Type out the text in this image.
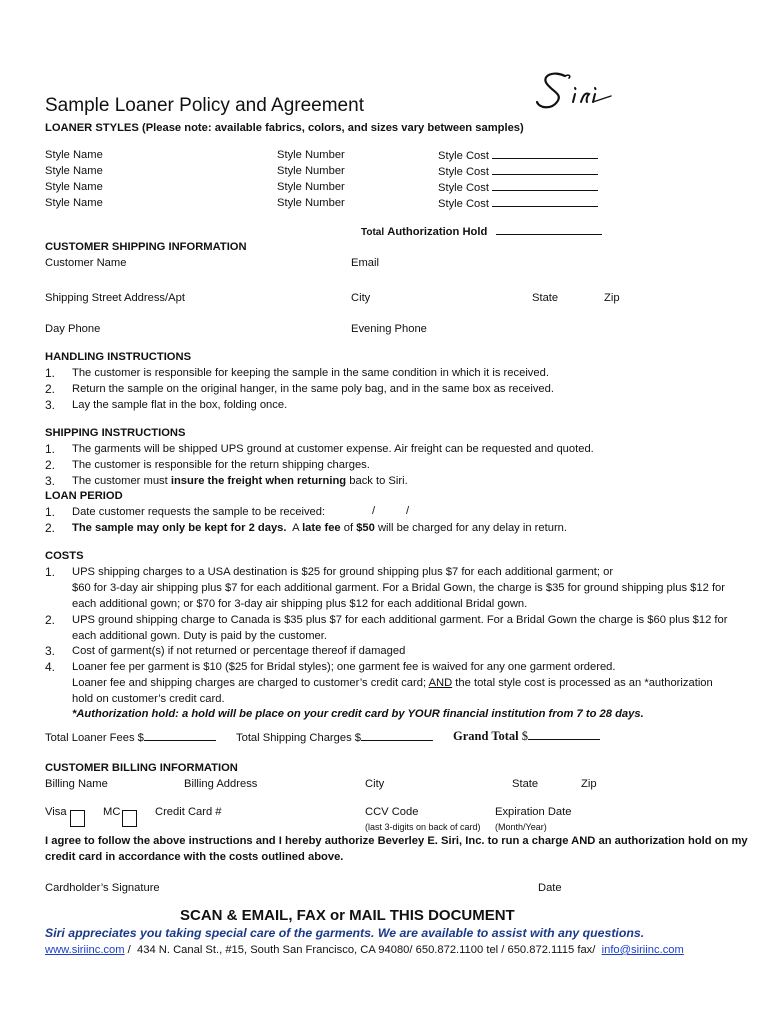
Sample Loaner Policy and Agreement
LOANER STYLES (Please note: available fabrics, colors, and sizes vary between samples)
Style Name	Style Number	Style Cost
Style Name	Style Number	Style Cost
Style Name	Style Number	Style Cost
Style Name	Style Number	Style Cost
Total Authorization Hold
CUSTOMER SHIPPING INFORMATION
Customer Name	Email
Shipping Street Address/Apt	City	State	Zip
Day Phone	Evening Phone
HANDLING INSTRUCTIONS
1. The customer is responsible for keeping the sample in the same condition in which it is received.
2. Return the sample on the original hanger, in the same poly bag, and in the same box as received.
3. Lay the sample flat in the box, folding once.
SHIPPING INSTRUCTIONS
1. The garments will be shipped UPS ground at customer expense. Air freight can be requested and quoted.
2. The customer is responsible for the return shipping charges.
3. The customer must insure the freight when returning back to Siri.
LOAN PERIOD
1. Date customer requests the sample to be received:	/	/
2. The sample may only be kept for 2 days.  A late fee of $50 will be charged for any delay in return.
COSTS
1. UPS shipping charges to a USA destination is $25 for ground shipping plus $7 for each additional garment; or
$60 for 3-day air shipping plus $7 for each additional garment. For a Bridal Gown, the charge is $35 for ground shipping plus $12 for
each additional gown; or $70 for 3-day air shipping plus $12 for each additional Bridal gown.
2. UPS ground shipping charge to Canada is $35 plus $7 for each additional garment. For a Bridal Gown the charge is $60 plus $12 for
each additional gown. Duty is paid by the customer.
3. Cost of garment(s) if not returned or percentage thereof if damaged
4. Loaner fee per garment is $10 ($25 for Bridal styles); one garment fee is waived for any one garment ordered.
Loaner fee and shipping charges are charged to customer’s credit card; AND the total style cost is processed as an *authorization
hold on customer’s credit card.
*Authorization hold: a hold will be place on your credit card by YOUR financial institution from 7 to 28 days.
Total Loaner Fees $	Total Shipping Charges $	Grand Total $
CUSTOMER BILLING INFORMATION
Billing Name	Billing Address	City	State	Zip
Visa	MC	Credit Card #	CCV Code
(last 3-digits on back of card)
Expiration Date
(Month/Year)
I agree to follow the above instructions and I hereby authorize Beverley E. Siri, Inc. to run a charge AND an authorization hold on my
credit card in accordance with the costs outlined above.
Cardholder’s Signature	Date
SCAN & EMAIL, FAX or MAIL THIS DOCUMENT
Siri appreciates you taking special care of the garments. We are available to assist with any questions.
www.siriinc.com /  434 N. Canal St., #15, South San Francisco, CA 94080/ 650.872.1100 tel / 650.872.1115 fax/  info@siriinc.com
